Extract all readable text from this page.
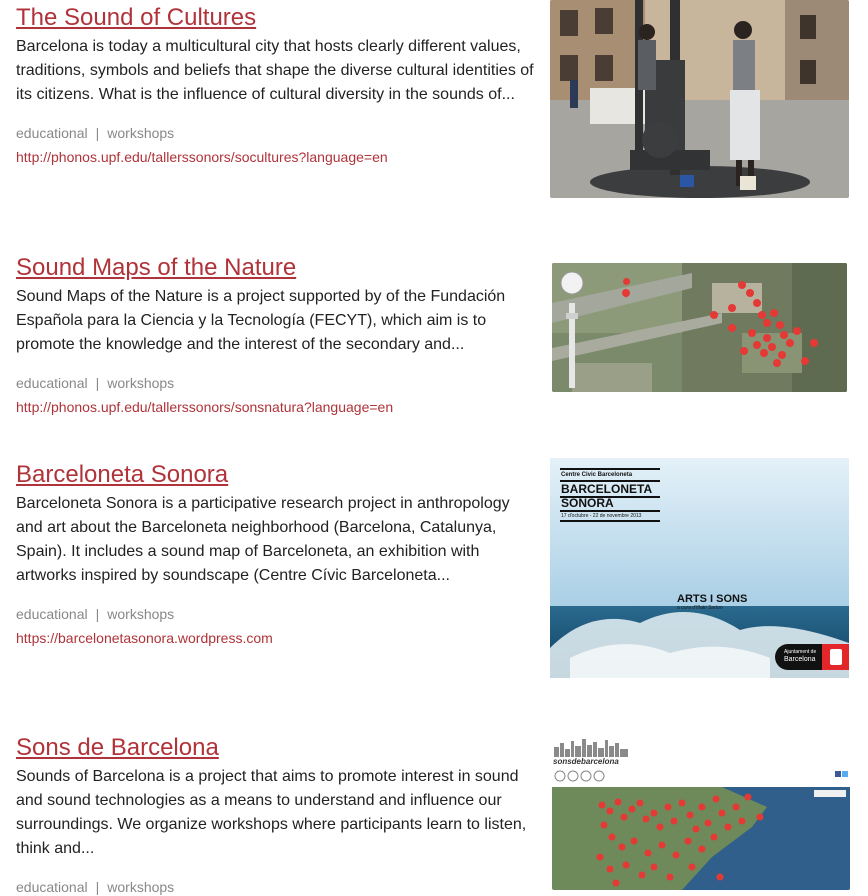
The Sound of Cultures

Barcelona is today a multicultural city that hosts clearly different values, traditions, symbols and beliefs that shape the diverse cultural identities of its citizens. What is the influence of cultural diversity in the sounds of...

educational | workshops
http://phonos.upf.edu/tallerssonors/socultures?language=en
Sound Maps of the Nature

Sound Maps of the Nature is a project supported by of the Fundación Española para la Ciencia y la Tecnología (FECYT), which aim is to promote the knowledge and the interest of the secondary and...

educational | workshops
http://phonos.upf.edu/tallerssonors/sonsnatura?language=en
Barceloneta Sonora

Barceloneta Sonora is a participative research project in anthropology and art about the Barceloneta neighborhood (Barcelona, Catalunya, Spain). It includes a sound map of Barceloneta, an exhibition with artworks inspired by soundscape (Centre Cívic Barceloneta...

educational | workshops
https://barcelonetasonora.wordpress.com
Sons de Barcelona

Sounds of Barcelona is a project that aims to promote interest in sound and sound technologies as a means to understand and influence our surroundings. We organize workshops where participants learn to listen, think and...

educational | workshops
Centre Civic Barceloneta
BARCELONETA
SONORA
17 d'octubre - 22 de novembre 2013
ARTS I SONS
a cura d'Iñaki Sarton
Ajuntament de
Barcelona
sonsdebarcelona
